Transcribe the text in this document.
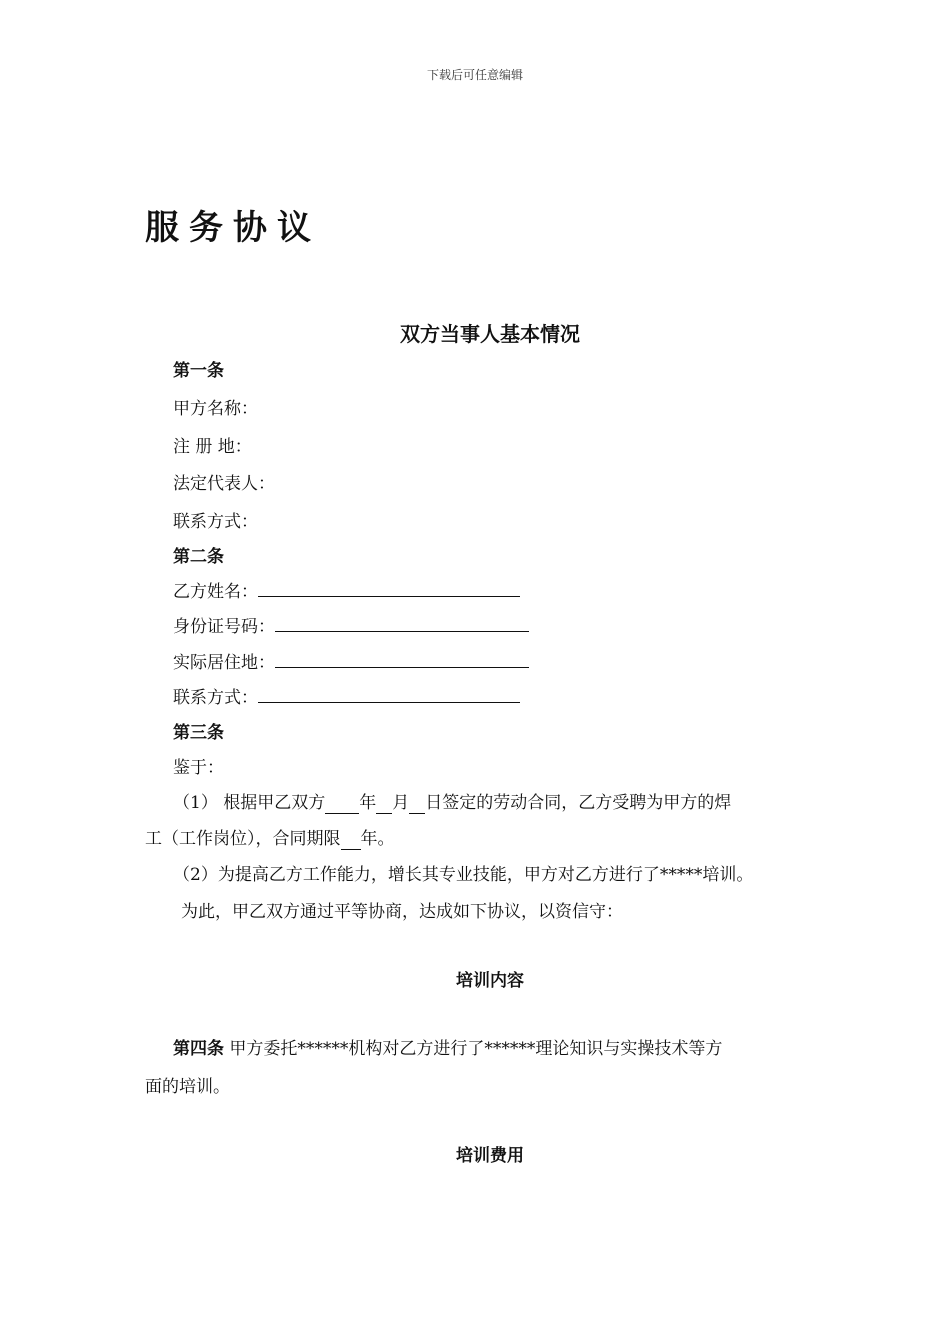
下载后可任意编辑
服务协议
双方当事人基本情况
第一条
甲方名称：
注 册 地：
法定代表人：
联系方式：
第二条
乙方姓名：
身份证号码：
实际居住地：
联系方式：
第三条
鉴于：
（1） 根据甲乙双方 年 月 日签定的劳动合同，乙方受聘为甲方的焊
工（工作岗位），合同期限 年。
（2）为提高乙方工作能力，增长其专业技能，甲方对乙方进行了*****培训。
为此，甲乙双方通过平等协商，达成如下协议，以资信守：
培训内容
第四条 甲方委托******机构对乙方进行了******理论知识与实操技术等方
面的培训。
培训费用
